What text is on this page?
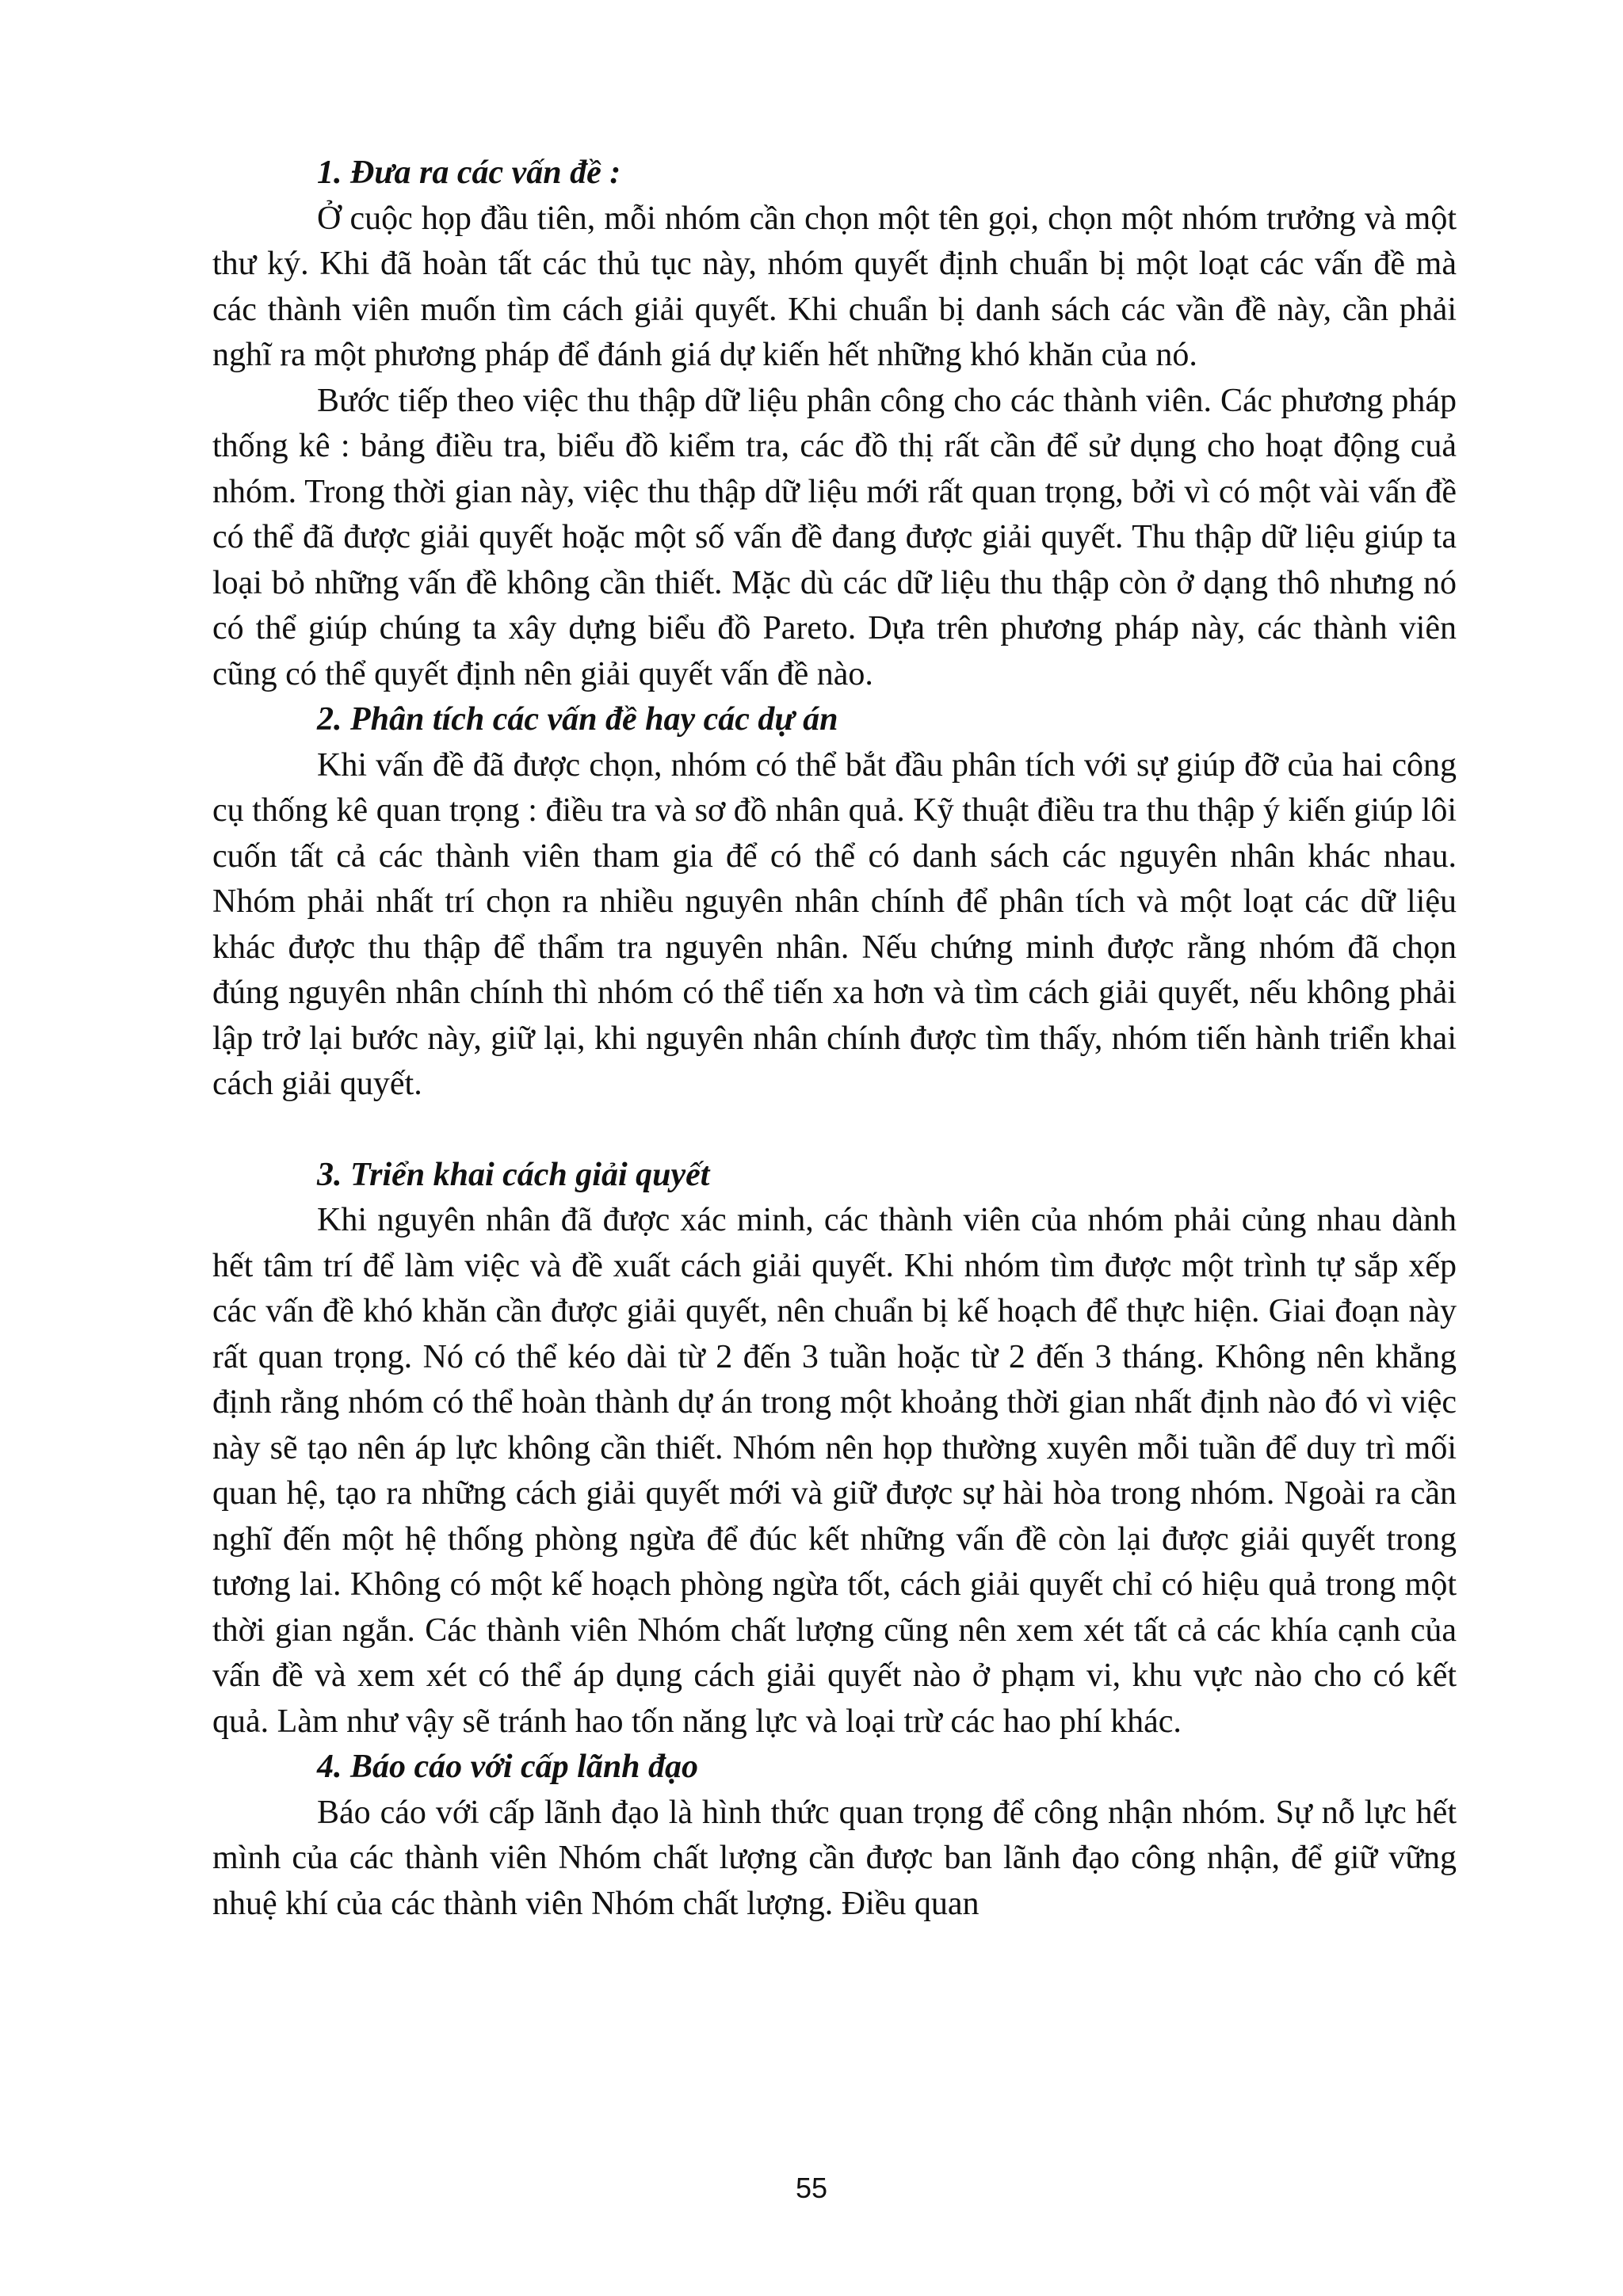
1. Đưa ra các vấn đề :

Ở cuộc họp đầu tiên, mỗi nhóm cần chọn một tên gọi, chọn một nhóm trưởng và một thư ký. Khi đã hoàn tất các thủ tục này, nhóm quyết định chuẩn bị một loạt các vấn đề mà các thành viên muốn tìm cách giải quyết. Khi chuẩn bị danh sách các vần đề này, cần phải nghĩ ra một phương pháp để đánh giá dự kiến hết những khó khăn của nó.

Bước tiếp theo việc thu thập dữ liệu phân công cho các thành viên. Các phương pháp thống kê : bảng điều tra, biểu đồ kiểm tra, các đồ thị rất cần để sử dụng cho hoạt động cuả nhóm. Trong thời gian này, việc thu thập dữ liệu mới rất quan trọng, bởi vì có một vài vấn đề có thể đã được giải quyết hoặc một số vấn đề đang được giải quyết. Thu thập dữ liệu giúp ta loại bỏ những vấn đề không cần thiết. Mặc dù các dữ liệu thu thập còn ở dạng thô nhưng nó có thể giúp chúng ta xây dựng biểu đồ Pareto. Dựa trên phương pháp này, các thành viên cũng có thể quyết định nên giải quyết vấn đề nào.

2. Phân tích các vấn đề hay các dự án

Khi vấn đề đã được chọn, nhóm có thể bắt đầu phân tích với sự giúp đỡ của hai công cụ thống kê quan trọng : điều tra và sơ đồ nhân quả. Kỹ thuật điều tra thu thập ý kiến giúp lôi cuốn tất cả các thành viên tham gia để có thể có danh sách các nguyên nhân khác nhau. Nhóm phải nhất trí chọn ra nhiều nguyên nhân chính để phân tích và một loạt các dữ liệu khác được thu thập để thẩm tra nguyên nhân. Nếu chứng minh được rằng nhóm đã chọn đúng nguyên nhân chính thì nhóm có thể tiến xa hơn và tìm cách giải quyết, nếu không phải lập trở lại bước này, giữ lại, khi nguyên nhân chính được tìm thấy, nhóm tiến hành triển khai cách giải quyết.

3. Triển khai cách giải quyết

Khi nguyên nhân đã được xác minh, các thành viên của nhóm phải củng nhau dành hết tâm trí để làm việc và đề xuất cách giải quyết. Khi nhóm tìm được một trình tự sắp xếp các vấn đề khó khăn cần được giải quyết, nên chuẩn bị kế hoạch để thực hiện. Giai đoạn này rất quan trọng. Nó có thể kéo dài từ 2 đến 3 tuần hoặc từ 2 đến 3 tháng. Không nên khẳng định rằng nhóm có thể hoàn thành dự án trong một khoảng thời gian nhất định nào đó vì việc này sẽ tạo nên áp lực không cần thiết. Nhóm nên họp thường xuyên mỗi tuần để duy trì mối quan hệ, tạo ra những cách giải quyết mới và giữ được sự hài hòa trong nhóm. Ngoài ra cần nghĩ đến một hệ thống phòng ngừa để đúc kết những vấn đề còn lại được giải quyết trong tương lai. Không có một kế hoạch phòng ngừa tốt, cách giải quyết chỉ có hiệu quả trong một thời gian ngắn. Các thành viên Nhóm chất lượng cũng nên xem xét tất cả các khía cạnh của vấn đề và xem xét có thể áp dụng cách giải quyết nào ở phạm vi, khu vực nào cho có kết quả. Làm như vậy sẽ tránh hao tốn năng lực và loại trừ các hao phí khác.

4. Báo cáo với cấp lãnh đạo

Báo cáo với cấp lãnh đạo là hình thức quan trọng để công nhận nhóm. Sự nỗ lực hết mình của các thành viên Nhóm chất lượng cần được ban lãnh đạo công nhận, để giữ vững nhuệ khí của các thành viên Nhóm chất lượng. Điều quan

55
